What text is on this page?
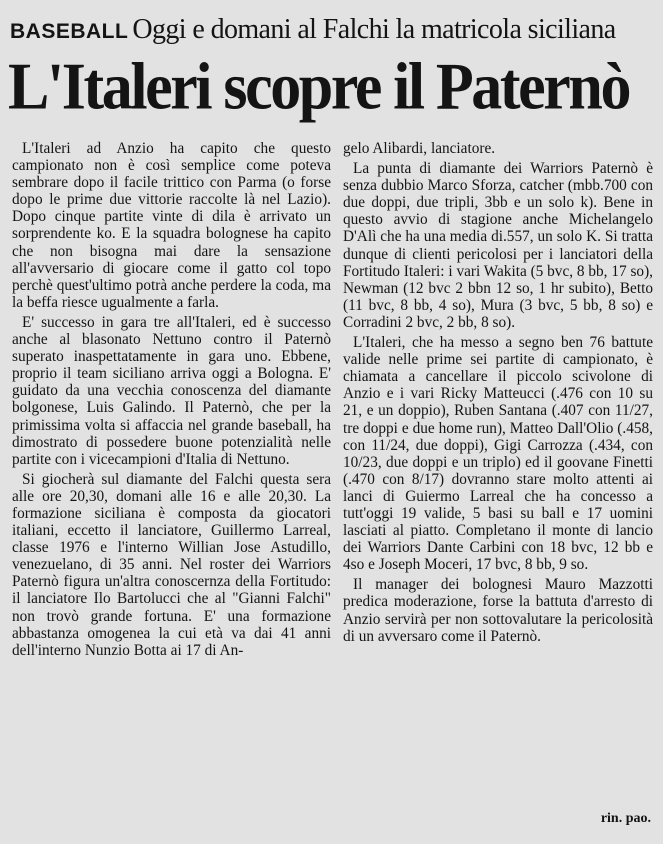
BASEBALL Oggi e domani al Falchi la matricola siciliana
L'Italeri scopre il Paternò

L'Italeri ad Anzio ha capito che questo campionato non è così semplice come poteva sembrare dopo il facile trittico con Parma (o forse dopo le prime due vittorie raccolte là nel Lazio). Dopo cinque partite vinte di dila è arrivato un sorprendente ko. E la squadra bolognese ha capito che non bisogna mai dare la sensazione all'avversario di giocare come il gatto col topo perchè quest'ultimo potrà anche perdere la coda, ma la beffa riesce ugualmente a farla.

E' successo in gara tre all'Italeri, ed è successo anche al blasonato Nettuno contro il Paternò superato inaspettatamente in gara uno. Ebbene, proprio il team siciliano arriva oggi a Bologna. E' guidato da una vecchia conoscenza del diamante bolgonese, Luis Galindo. Il Paternò, che per la primissima volta si affaccia nel grande baseball, ha dimostrato di possedere buone potenzialità nelle partite con i vicecampioni d'Italia di Nettuno.

Si giocherà sul diamante del Falchi questa sera alle ore 20,30, domani alle 16 e alle 20,30. La formazione siciliana è composta da giocatori italiani, eccetto il lanciatore, Guillermo Larreal, classe 1976 e l'interno Willian Jose Astudillo, venezuelano, di 35 anni. Nel roster dei Warriors Paternò figura un'altra conoscernza della Fortitudo: il lanciatore Ilo Bartolucci che al "Gianni Falchi" non trovò grande fortuna. E' una formazione abbastanza omogenea la cui età va dai 41 anni dell'interno Nunzio Botta ai 17 di An-

gelo Alibardi, lanciatore.

La punta di diamante dei Warriors Paternò è senza dubbio Marco Sforza, catcher (mbb.700 con due doppi, due tripli, 3bb e un solo k). Bene in questo avvio di stagione anche Michelangelo D'Alì che ha una media di.557, un solo K. Si tratta dunque di clienti pericolosi per i lanciatori della Fortitudo Italeri: i vari Wakita (5 bvc, 8 bb, 17 so), Newman (12 bvc 2 bbn 12 so, 1 hr subito), Betto (11 bvc, 8 bb, 4 so), Mura (3 bvc, 5 bb, 8 so) e Corradini 2 bvc, 2 bb, 8 so).

L'Italeri, che ha messo a segno ben 76 battute valide nelle prime sei partite di campionato, è chiamata a cancellare il piccolo scivolone di Anzio e i vari Ricky Matteucci (.476 con 10 su 21, e un doppio), Ruben Santana (.407 con 11/27, tre doppi e due home run), Matteo Dall'Olio (.458, con 11/24, due doppi), Gigi Carrozza (.434, con 10/23, due doppi e un triplo) ed il goovane Finetti (.470 con 8/17) dovranno stare molto attenti ai lanci di Guiermo Larreal che ha concesso a tutt'oggi 19 valide, 5 basi su ball e 17 uomini lasciati al piatto. Completano il monte di lancio dei Warriors Dante Carbini con 18 bvc, 12 bb e 4so e Joseph Moceri, 17 bvc, 8 bb, 9 so.

Il manager dei bolognesi Mauro Mazzotti predica moderazione, forse la battuta d'arresto di Anzio servirà per non sottovalutare la pericolosità di un avversaro come il Paternò.

rin. pao.
